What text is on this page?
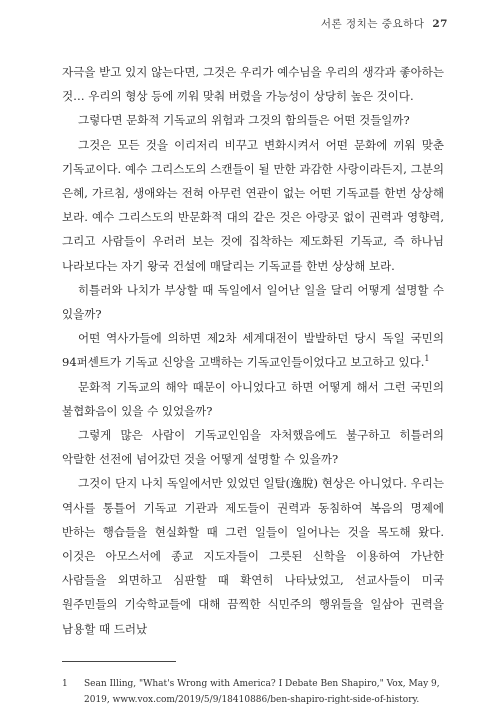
서론 정치는 중요하다 27

자극을 받고 있지 않는다면, 그것은 우리가 예수님을 우리의 생각과 좋아하는 것… 우리의 형상 등에 끼워 맞춰 버렸을 가능성이 상당히 높은 것이다.

그렇다면 문화적 기독교의 위험과 그것의 함의들은 어떤 것들일까?

그것은 모든 것을 이리저리 비꾸고 변화시켜서 어떤 문화에 끼워 맞춘 기독교이다. 예수 그리스도의 스캔들이 될 만한 과감한 사랑이라든지, 그분의 은혜, 가르침, 생애와는 전혀 아무런 연관이 없는 어떤 기독교를 한번 상상해 보라. 예수 그리스도의 반문화적 대의 같은 것은 아랑곳 없이 권력과 영향력, 그리고 사람들이 우러러 보는 것에 집착하는 제도화된 기독교, 즉 하나님 나라보다는 자기 왕국 건설에 매달리는 기독교를 한번 상상해 보라.

히틀러와 나치가 부상할 때 독일에서 일어난 일을 달리 어떻게 설명할 수 있을까?

어떤 역사가들에 의하면 제2차 세계대전이 발발하던 당시 독일 국민의 94퍼센트가 기독교 신앙을 고백하는 기독교인들이었다고 보고하고 있다.$^1$

문화적 기독교의 해악 때문이 아니었다고 하면 어떻게 해서 그런 국민의 불협화음이 있을 수 있었을까?

그렇게 많은 사람이 기독교인임을 자처했음에도 불구하고 히틀러의 악랄한 선전에 넘어갔던 것을 어떻게 설명할 수 있을까?

그것이 단지 나치 독일에서만 있었던 일탈(逸脫) 현상은 아니었다. 우리는 역사를 통틀어 기독교 기관과 제도들이 권력과 동침하여 복음의 명제에 반하는 행습들을 현실화할 때 그런 일들이 일어나는 것을 목도해 왔다. 이것은 아모스서에 종교 지도자들이 그릇된 신학을 이용하여 가난한 사람들을 외면하고 심판할 때 확연히 나타났었고, 선교사들이 미국 원주민들의 기숙학교들에 대해 끔찍한 식민주의 행위들을 일삼아 권력을 남용할 때 드러났

1	Sean Illing, "What's Wrong with America? I Debate Ben Shapiro," Vox, May 9, 2019, www.vox.com/2019/5/9/18410886/ben-shapiro-right-side-of-history.
